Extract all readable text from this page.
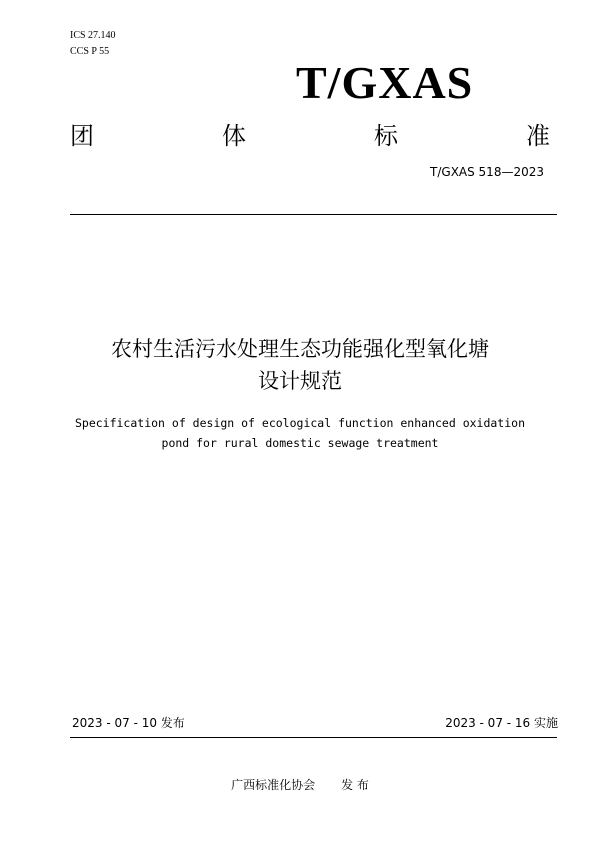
ICS 27.140
CCS P 55
T/GXAS
团	体	标	准
T/GXAS 518—2023
农村生活污水处理生态功能强化型氧化塘
设计规范
Specification of design of ecological function enhanced oxidation
pond for rural domestic sewage treatment
2023 - 07 - 10 发布	2023 - 07 - 16 实施
广西标准化协会 发 布
